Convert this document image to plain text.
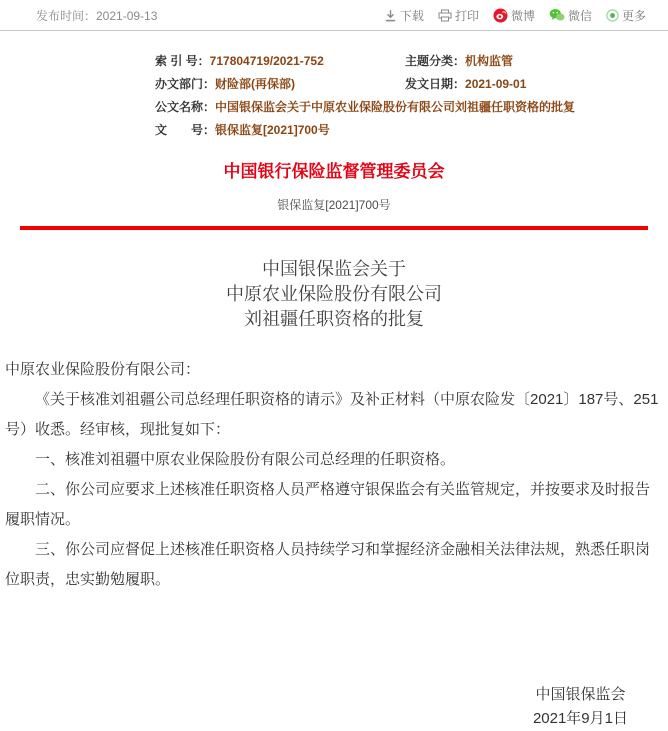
发布时间：2021-09-13	下载	打印	微博	微信	更多
索 引 号： 717804719/2021-752	主题分类： 机构监管
办文部门： 财险部(再保部)	发文日期： 2021-09-01
公文名称： 中国银保监会关于中原农业保险股份有限公司刘祖疆任职资格的批复
文　　号： 银保监复[2021]700号
中国银行保险监督管理委员会
银保监复[2021]700号
中国银保监会关于
中原农业保险股份有限公司
刘祖疆任职资格的批复

中原农业保险股份有限公司：

《关于核准刘祖疆公司总经理任职资格的请示》及补正材料（中原农险发〔2021〕187号、251号）收悉。经审核，现批复如下：

一、核准刘祖疆中原农业保险股份有限公司总经理的任职资格。

二、你公司应要求上述核准任职资格人员严格遵守银保监会有关监管规定，并按要求及时报告履职情况。

三、你公司应督促上述核准任职资格人员持续学习和掌握经济金融相关法律法规，熟悉任职岗位职责，忠实勤勉履职。

中国银保监会
2021年9月1日
